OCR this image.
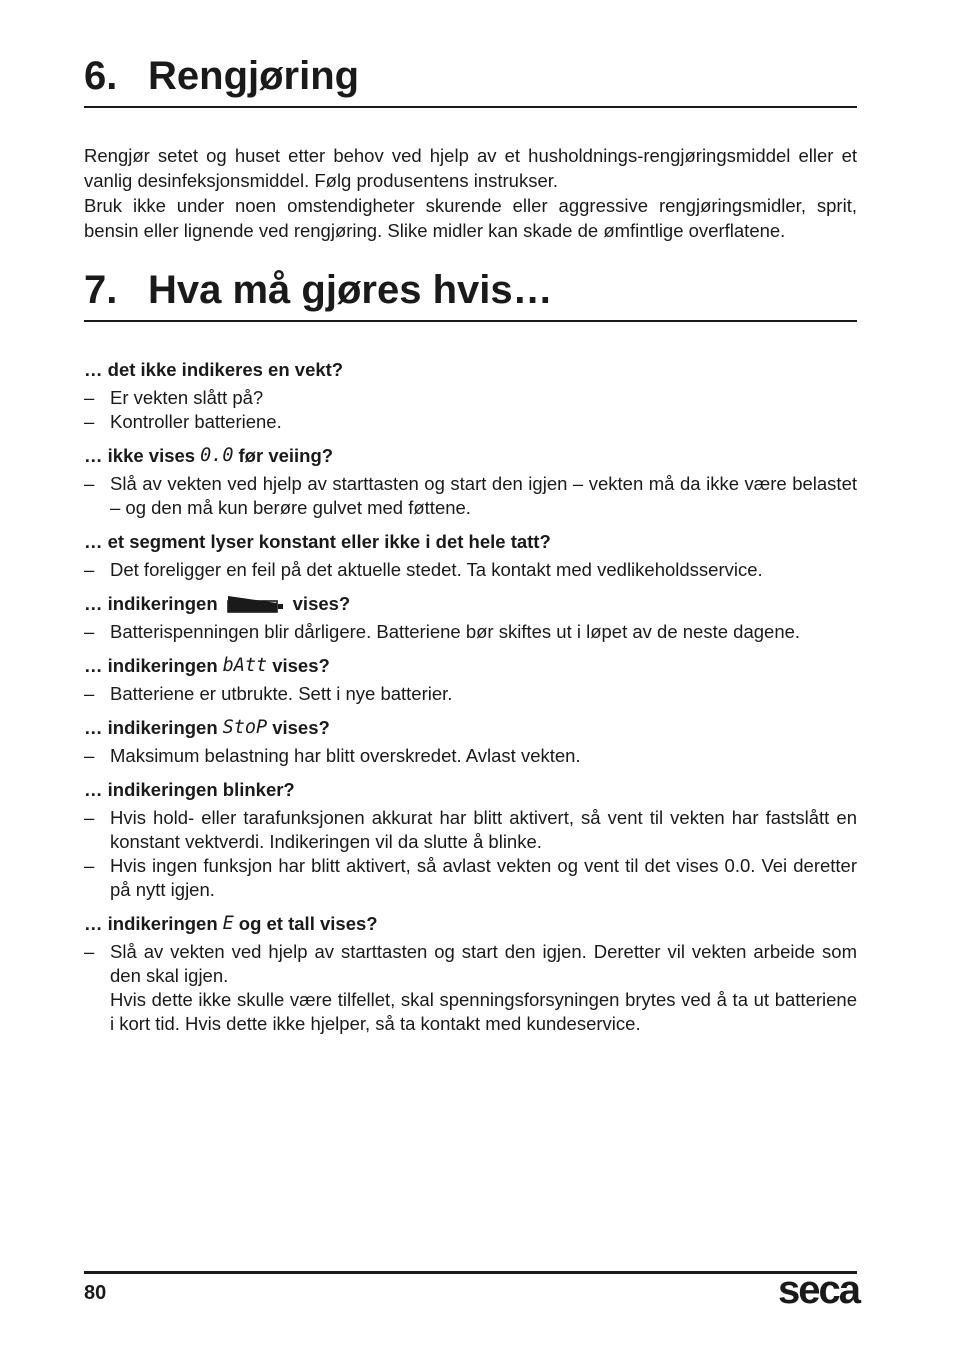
6. Rengjøring

Rengjør setet og huset etter behov ved hjelp av et husholdnings-rengjøringsmiddel eller et vanlig desinfeksjonsmiddel. Følg produsentens instrukser.

Bruk ikke under noen omstendigheter skurende eller aggressive rengjøringsmidler, sprit, bensin eller lignende ved rengjøring. Slike midler kan skade de ømfintlige overflatene.

7. Hva må gjøres hvis…

… det ikke indikeres en vekt?

– Er vekten slått på?
– Kontroller batteriene.

… ikke vises 0.0 før veiing?

– Slå av vekten ved hjelp av starttasten og start den igjen – vekten må da ikke være belastet – og den må kun berøre gulvet med føttene.

… et segment lyser konstant eller ikke i det hele tatt?

– Det foreligger en feil på det aktuelle stedet. Ta kontakt med vedlikeholdsservice.

… indikeringen	vises?

– Batterispenningen blir dårligere. Batteriene bør skiftes ut i løpet av de neste dagene.

… indikeringen bAtt vises?

– Batteriene er utbrukte. Sett i nye batterier.

… indikeringen StoP vises?

– Maksimum belastning har blitt overskredet. Avlast vekten.

… indikeringen blinker?

– Hvis hold- eller tarafunksjonen akkurat har blitt aktivert, så vent til vekten har fastslått en konstant vektverdi. Indikeringen vil da slutte å blinke.
– Hvis ingen funksjon har blitt aktivert, så avlast vekten og vent til det vises 0.0. Vei deretter på nytt igjen.

… indikeringen E og et tall vises?

– Slå av vekten ved hjelp av starttasten og start den igjen. Deretter vil vekten arbeide som den skal igjen.
Hvis dette ikke skulle være tilfellet, skal spenningsforsyningen brytes ved å ta ut batteriene i kort tid. Hvis dette ikke hjelper, så ta kontakt med kundeservice.
80	seca
